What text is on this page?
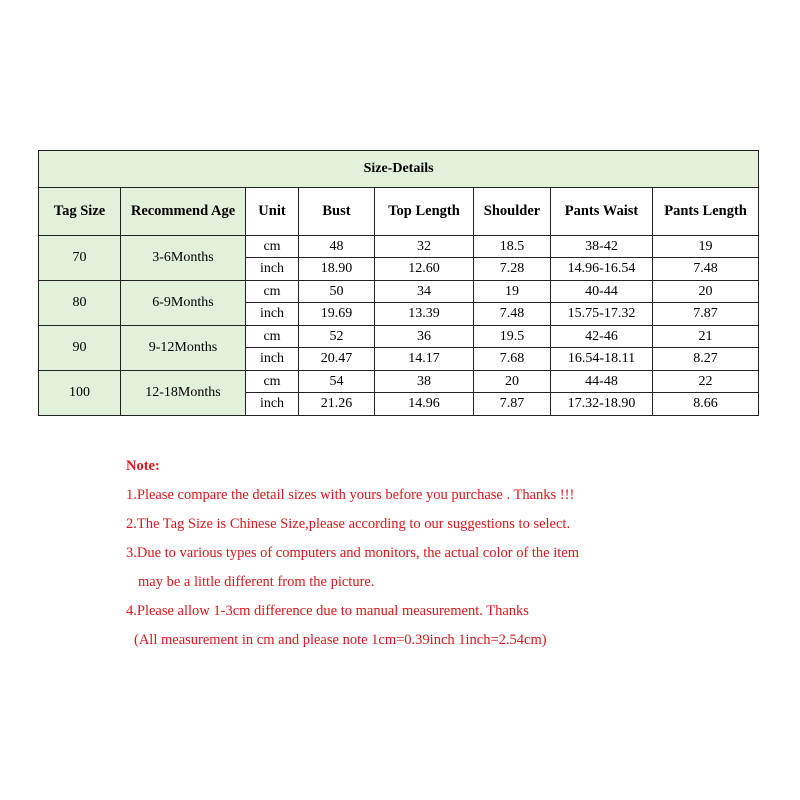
Size-Details							
Tag Size	Recommend Age	Unit	Bust	Top Length	Shoulder	Pants Waist	Pants Length
70	3-6Months	cm	48	32	18.5	38-42	19
		inch	18.90	12.60	7.28	14.96-16.54	7.48
80	6-9Months	cm	50	34	19	40-44	20
		inch	19.69	13.39	7.48	15.75-17.32	7.87
90	9-12Months	cm	52	36	19.5	42-46	21
		inch	20.47	14.17	7.68	16.54-18.11	8.27
100	12-18Months	cm	54	38	20	44-48	22
		inch	21.26	14.96	7.87	17.32-18.90	8.66
Note:
1.Please compare the detail sizes with yours before you purchase . Thanks !!!
2.The Tag Size is Chinese Size,please according to our suggestions to select.
3.Due to various types of computers and monitors, the actual color of the item
may be a little different from the picture.
4.Please allow 1-3cm difference due to manual measurement. Thanks
(All measurement in cm and please note 1cm=0.39inch 1inch=2.54cm)
